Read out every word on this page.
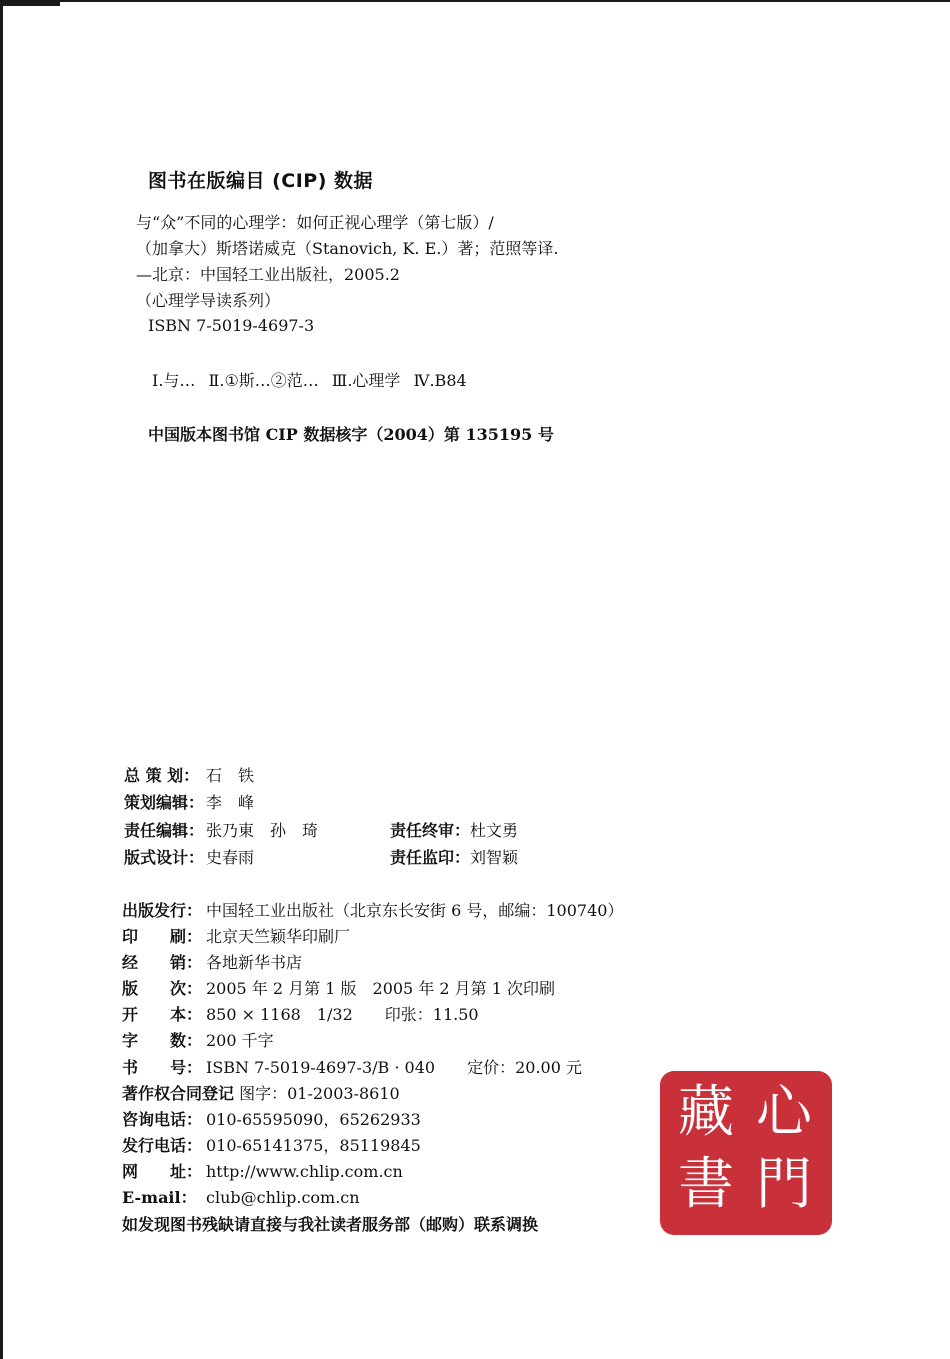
图书在版编目 (CIP) 数据
与“众”不同的心理学：如何正视心理学（第七版）/
（加拿大）斯塔诺威克（Stanovich, K. E.）著；范照等译.
—北京：中国轻工业出版社，2005.2
（心理学导读系列）
ISBN 7-5019-4697-3
Ⅰ.与… Ⅱ.①斯…②范… Ⅲ.心理学 Ⅳ.B84
中国版本图书馆 CIP 数据核字（2004）第 135195 号
总 策 划： 石　铁
策划编辑： 李　峰
责任编辑： 张乃東　孙　琦	责任终审：杜文勇
版式设计： 史春雨	责任监印：刘智颖
出版发行： 中国轻工业出版社（北京东长安街 6 号，邮编：100740）
印　　刷： 北京天竺颖华印刷厂
经　　销： 各地新华书店
版　　次： 2005 年 2 月第 1 版　2005 年 2 月第 1 次印刷
开　　本： 850 × 1168　1/32　　印张：11.50
字　　数： 200 千字
书　　号： ISBN 7-5019-4697-3/B · 040　　定价：20.00 元
著作权合同登记 图字：01-2003-8610
咨询电话： 010-65595090，65262933
发行电话： 010-65141375，85119845
网　　址： http://www.chlip.com.cn
E-mail： club@chlip.com.cn
如发现图书残缺请直接与我社读者服务部（邮购）联系调换
心
門
藏
書
